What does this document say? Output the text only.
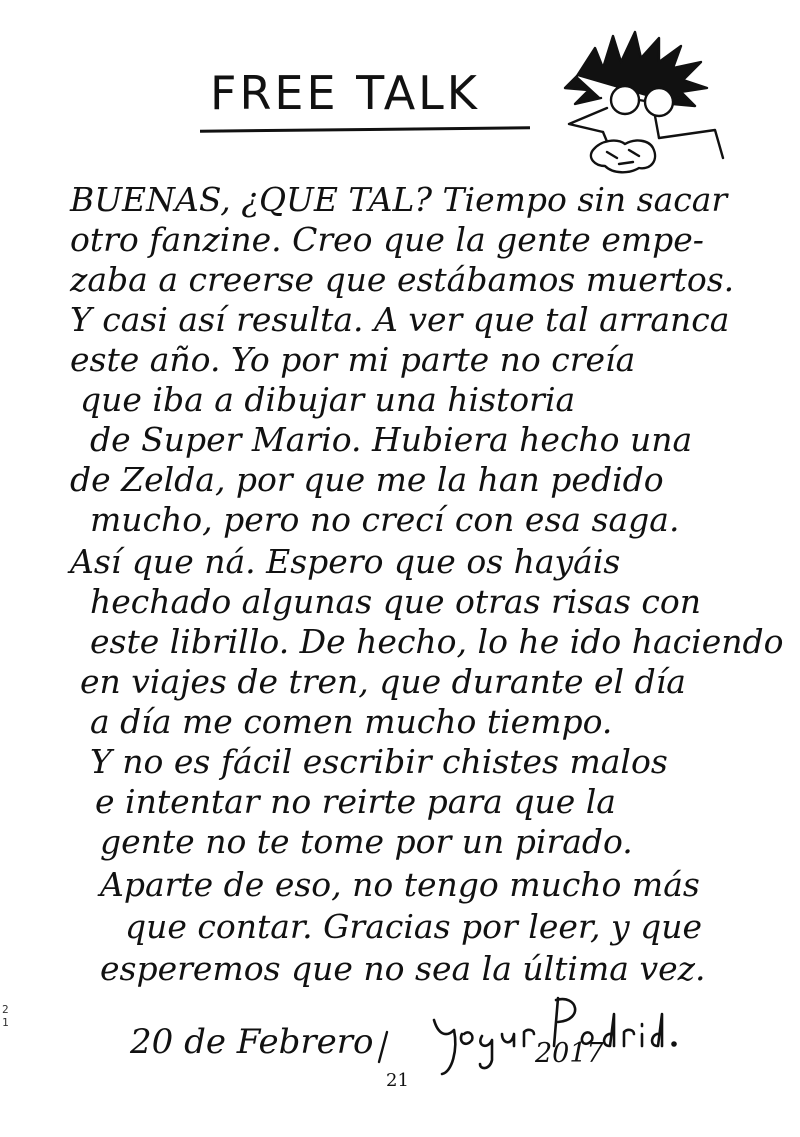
FREE TALK
BUENAS, ¿QUE TAL? Tiempo sin sacar
otro fanzine. Creo que la gente empe-
zaba a creerse que estábamos muertos.
Y casi así resulta. A ver que tal arranca
este año. Yo por mi parte no creía
que iba a dibujar una historia
de Super Mario. Hubiera hecho una
de Zelda, por que me la han pedido
mucho, pero no crecí con esa saga.
Así que ná. Espero que os hayáis
hechado algunas que otras risas con
este librillo. De hecho, lo he ido haciendo
en viajes de tren, que durante el día
a día me comen mucho tiempo.
Y no es fácil escribir chistes malos
e intentar no reirte para que la
gente no te tome por un pirado.
Aparte de eso, no tengo mucho más
que contar. Gracias por leer, y que
esperemos que no sea la última vez.
20 de Febrero	2017
21
21
